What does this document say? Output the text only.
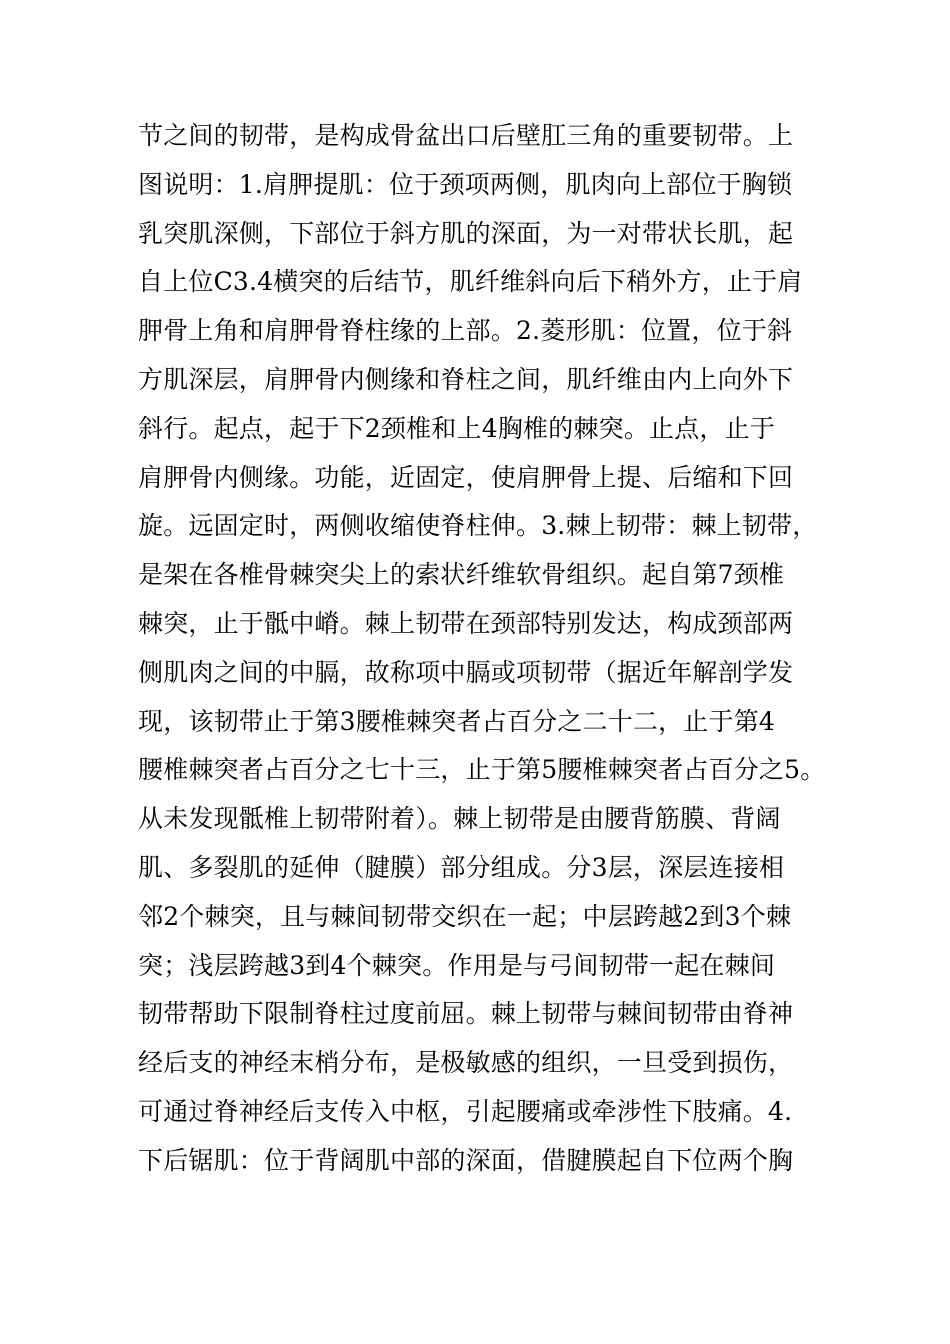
节之间的韧带，是构成骨盆出口后壁肛三角的重要韧带。上
图说明：1.肩胛提肌：位于颈项两侧，肌肉向上部位于胸锁
乳突肌深侧，下部位于斜方肌的深面，为一对带状长肌，起
自上位C3.4横突的后结节，肌纤维斜向后下稍外方，止于肩
胛骨上角和肩胛骨脊柱缘的上部。2.菱形肌：位置，位于斜
方肌深层，肩胛骨内侧缘和脊柱之间，肌纤维由内上向外下
斜行。起点，起于下2颈椎和上4胸椎的棘突。止点，止于
肩胛骨内侧缘。功能，近固定，使肩胛骨上提、后缩和下回
旋。远固定时，两侧收缩使脊柱伸。3.棘上韧带：棘上韧带，
是架在各椎骨棘突尖上的索状纤维软骨组织。起自第7颈椎
棘突，止于骶中嵴。棘上韧带在颈部特别发达，构成颈部两
侧肌肉之间的中膈，故称项中膈或项韧带（据近年解剖学发
现，该韧带止于第3腰椎棘突者占百分之二十二，止于第4
腰椎棘突者占百分之七十三，止于第5腰椎棘突者占百分之5。
从未发现骶椎上韧带附着）。棘上韧带是由腰背筋膜、背阔
肌、多裂肌的延伸（腱膜）部分组成。分3层，深层连接相
邻2个棘突，且与棘间韧带交织在一起；中层跨越2到3个棘
突；浅层跨越3到4个棘突。作用是与弓间韧带一起在棘间
韧带帮助下限制脊柱过度前屈。棘上韧带与棘间韧带由脊神
经后支的神经末梢分布，是极敏感的组织，一旦受到损伤，
可通过脊神经后支传入中枢，引起腰痛或牵涉性下肢痛。4.
下后锯肌：位于背阔肌中部的深面，借腱膜起自下位两个胸
